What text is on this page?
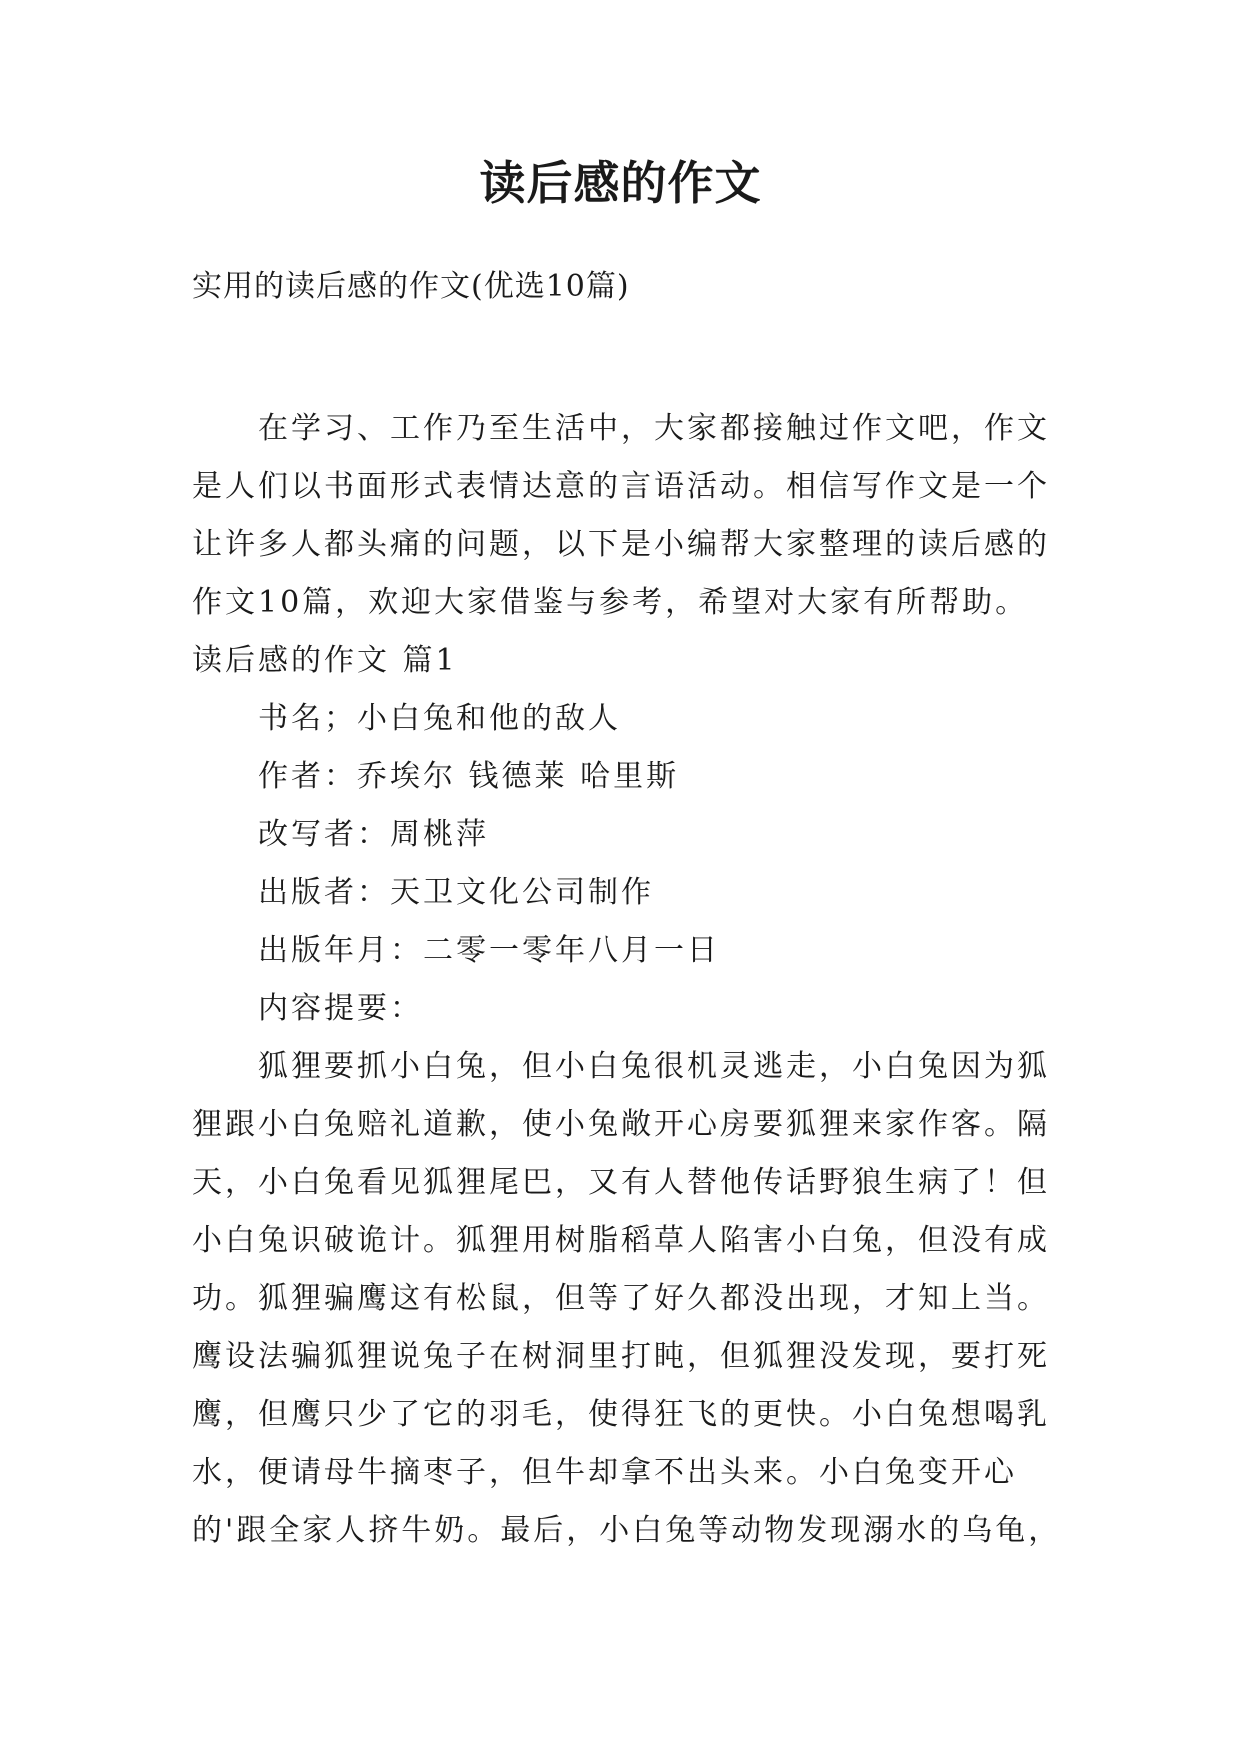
读后感的作文
实用的读后感的作文(优选10篇)

在学习、工作乃至生活中，大家都接触过作文吧，作文是人们以书面形式表情达意的言语活动。相信写作文是一个让许多人都头痛的问题，以下是小编帮大家整理的读后感的作文10篇，欢迎大家借鉴与参考，希望对大家有所帮助。

读后感的作文 篇1

书名；小白兔和他的敌人

作者：乔埃尔 钱德莱 哈里斯

改写者：周桃萍

出版者：天卫文化公司制作

出版年月：二零一零年八月一日

内容提要：

狐狸要抓小白兔，但小白兔很机灵逃走，小白兔因为狐狸跟小白兔赔礼道歉，使小兔敞开心房要狐狸来家作客。隔天，小白兔看见狐狸尾巴，又有人替他传话野狼生病了！但小白兔识破诡计。狐狸用树脂稻草人陷害小白兔，但没有成功。狐狸骗鹰这有松鼠，但等了好久都没出现，才知上当。鹰设法骗狐狸说兔子在树洞里打盹，但狐狸没发现，要打死鹰，但鹰只少了它的羽毛，使得狂飞的更快。小白兔想喝乳水，便请母牛摘枣子，但牛却拿不出头来。小白兔变开心的'跟全家人挤牛奶。最后，小白兔等动物发现溺水的乌龟，
